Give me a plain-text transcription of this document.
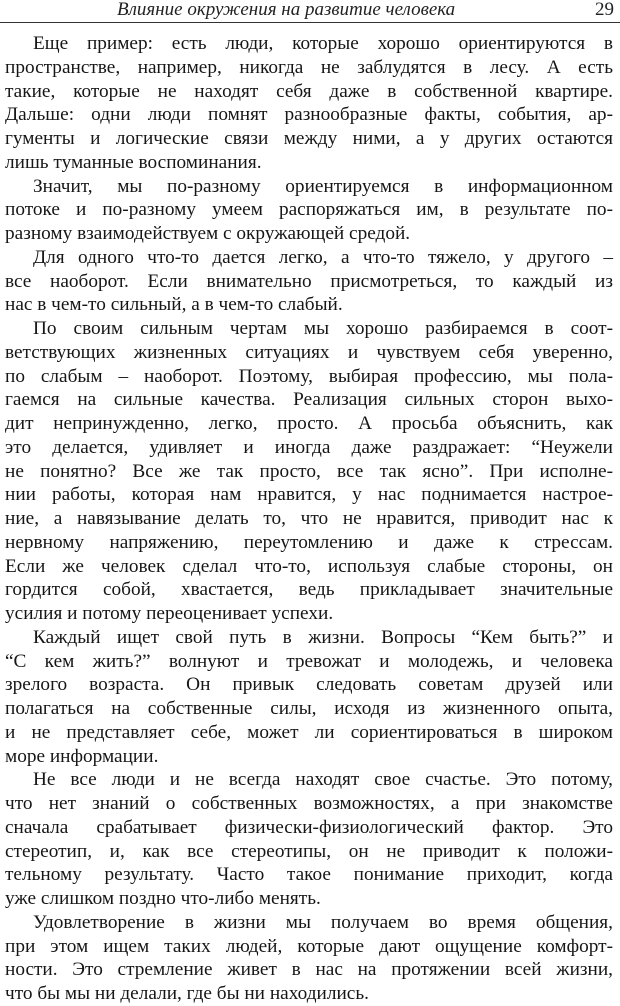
Влияние окружения на развитие человека	29
Еще пример: есть люди, которые хорошо ориентируются в
пространстве, например, никогда не заблудятся в лесу. А есть
такие, которые не находят себя даже в собственной квартире.
Дальше: одни люди помнят разнообразные факты, события, ар-
гументы и логические связи между ними, а у других остаются
лишь туманные воспоминания.
Значит, мы по-разному ориентируемся в информационном
потоке и по-разному умеем распоряжаться им, в результате по-
разному взаимодействуем с окружающей средой.
Для одного что-то дается легко, а что-то тяжело, у другого –
все наоборот. Если внимательно присмотреться, то каждый из
нас в чем-то сильный, а в чем-то слабый.
По своим сильным чертам мы хорошо разбираемся в соот-
ветствующих жизненных ситуациях и чувствуем себя уверенно,
по слабым – наоборот. Поэтому, выбирая профессию, мы пола-
гаемся на сильные качества. Реализация сильных сторон выхо-
дит непринужденно, легко, просто. А просьба объяснить, как
это делается, удивляет и иногда даже раздражает: “Неужели
не понятно? Все же так просто, все так ясно”. При исполне-
нии работы, которая нам нравится, у нас поднимается настрое-
ние, а навязывание делать то, что не нравится, приводит нас к
нервному напряжению, переутомлению и даже к стрессам.
Если же человек сделал что-то, используя слабые стороны, он
гордится собой, хвастается, ведь прикладывает значительные
усилия и потому переоценивает успехи.
Каждый ищет свой путь в жизни. Вопросы “Кем быть?” и
“С кем жить?” волнуют и тревожат и молодежь, и человека
зрелого возраста. Он привык следовать советам друзей или
полагаться на собственные силы, исходя из жизненного опыта,
и не представляет себе, может ли сориентироваться в широком
море информации.
Не все люди и не всегда находят свое счастье. Это потому,
что нет знаний о собственных возможностях, а при знакомстве
сначала срабатывает физически-физиологический фактор. Это
стереотип, и, как все стереотипы, он не приводит к положи-
тельному результату. Часто такое понимание приходит, когда
уже слишком поздно что-либо менять.
Удовлетворение в жизни мы получаем во время общения,
при этом ищем таких людей, которые дают ощущение комфорт-
ности. Это стремление живет в нас на протяжении всей жизни,
что бы мы ни делали, где бы ни находились.
